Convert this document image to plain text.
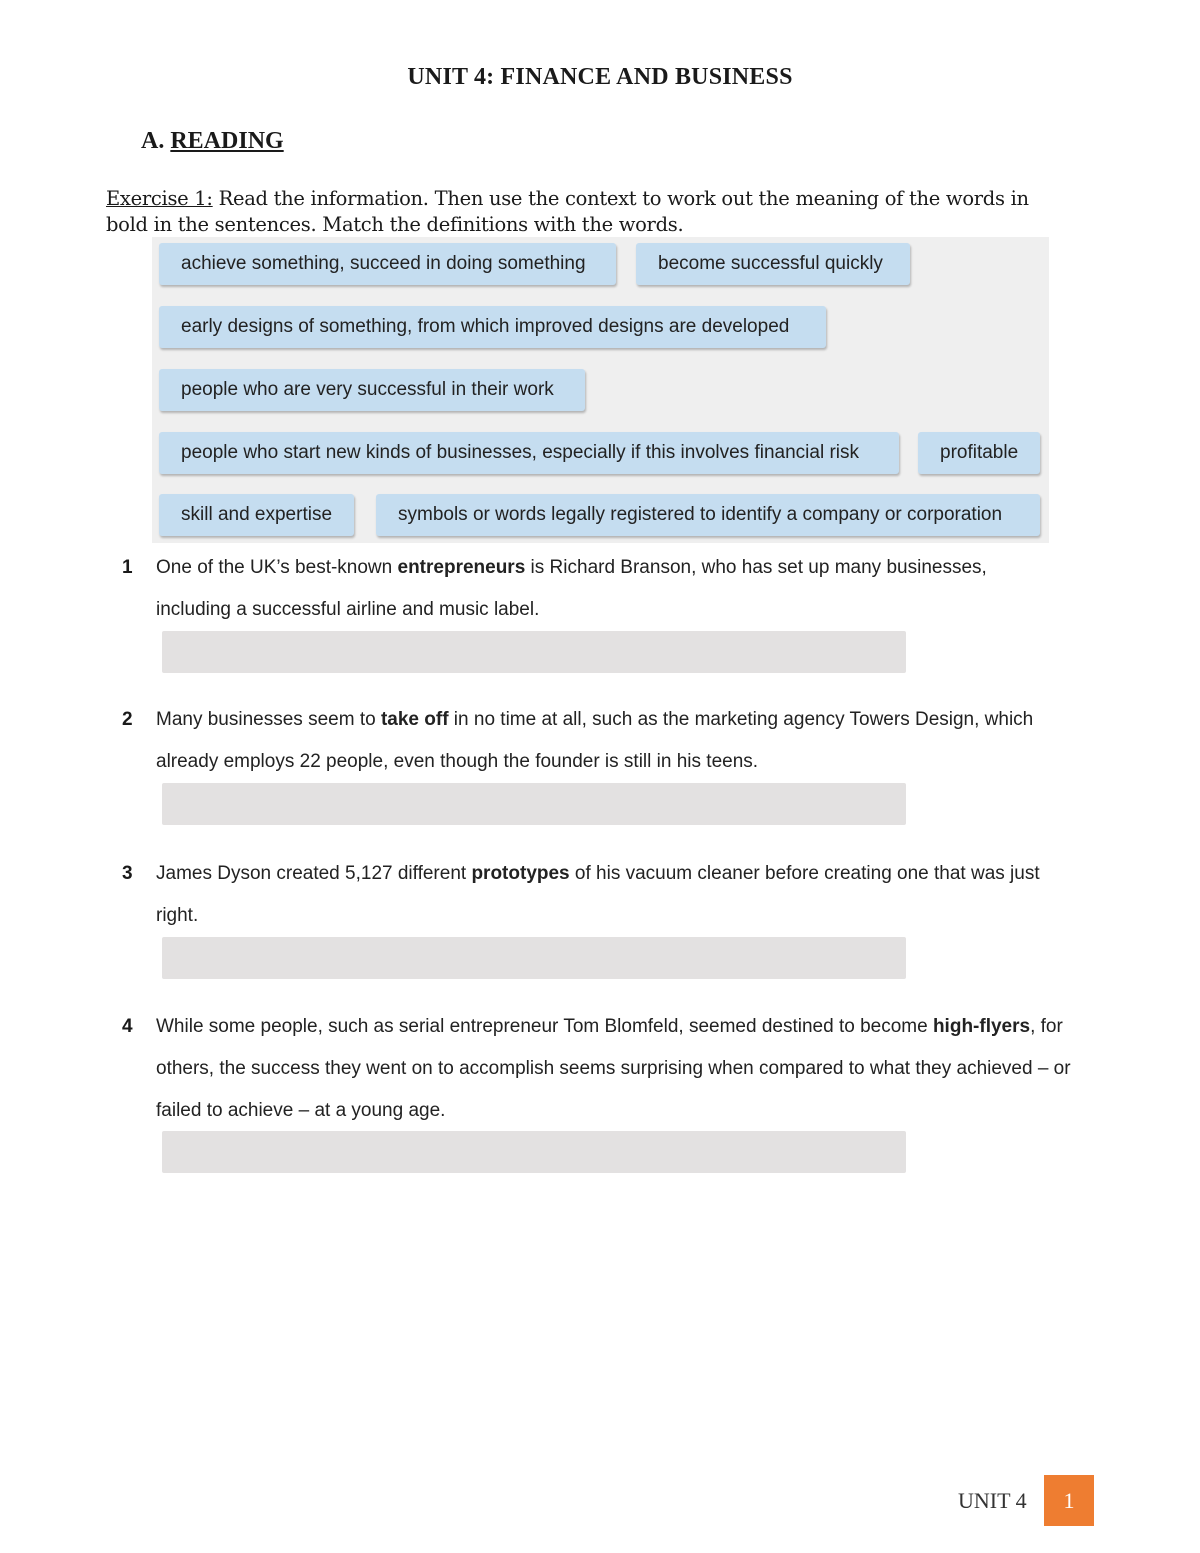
UNIT 4: FINANCE AND BUSINESS
A. READING
Exercise 1: Read the information. Then use the context to work out the meaning of the words in bold in the sentences. Match the definitions with the words.
achieve something, succeed in doing something	become successful quickly
early designs of something, from which improved designs are developed
people who are very successful in their work
people who start new kinds of businesses, especially if this involves financial risk	profitable
skill and expertise	symbols or words legally registered to identify a company or corporation
1 One of the UK’s best-known entrepreneurs is Richard Branson, who has set up many businesses, including a successful airline and music label.
2 Many businesses seem to take off in no time at all, such as the marketing agency Towers Design, which already employs 22 people, even though the founder is still in his teens.
3 James Dyson created 5,127 different prototypes of his vacuum cleaner before creating one that was just right.
4 While some people, such as serial entrepreneur Tom Blomfeld, seemed destined to become high-flyers, for others, the success they went on to accomplish seems surprising when compared to what they achieved – or failed to achieve – at a young age.
UNIT 4	1
